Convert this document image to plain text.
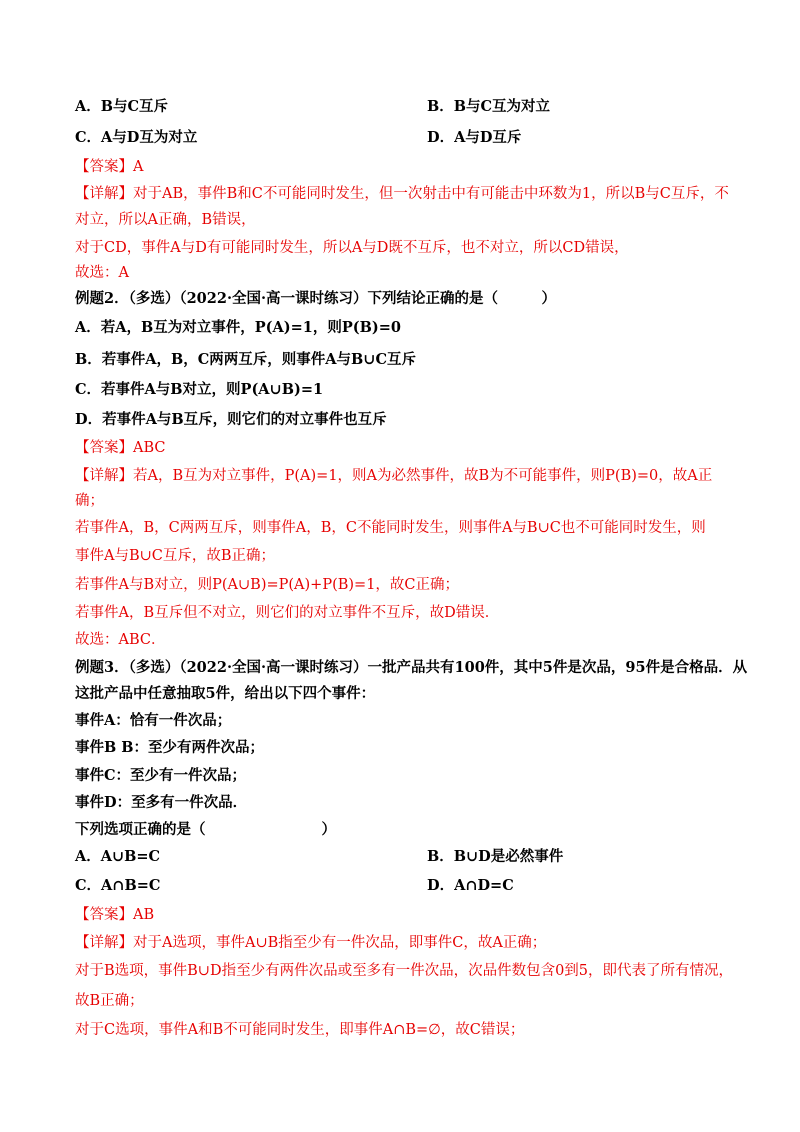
A．B与C互斥	B．B与C互为对立
C．A与D互为对立	D．A与D互斥
【答案】A
【详解】对于AB，事件B和C不可能同时发生，但一次射击中有可能击中环数为1，所以B与C互斥，不
对立，所以A正确，B错误，
对于CD，事件A与D有可能同时发生，所以A与D既不互斥，也不对立，所以CD错误，
故选：A
例题2．（多选）（2022·全国·高一课时练习）下列结论正确的是（　　　）
A．若A，B互为对立事件，P(A)=1，则P(B)=0
B．若事件A，B，C两两互斥，则事件A与B∪C互斥
C．若事件A与B对立，则P(A∪B)=1
D．若事件A与B互斥，则它们的对立事件也互斥
【答案】ABC
【详解】若A，B互为对立事件，P(A)=1，则A为必然事件，故B为不可能事件，则P(B)=0，故A正
确；
若事件A，B，C两两互斥，则事件A，B，C不能同时发生，则事件A与B∪C也不可能同时发生，则
事件A与B∪C互斥，故B正确；
若事件A与B对立，则P(A∪B)=P(A)+P(B)=1，故C正确；
若事件A，B互斥但不对立，则它们的对立事件不互斥，故D错误．
故选：ABC．
例题3．（多选）（2022·全国·高一课时练习）一批产品共有100件，其中5件是次品，95件是合格品．从
这批产品中任意抽取5件，给出以下四个事件：
事件A：恰有一件次品；
事件B B：至少有两件次品；
事件C：至少有一件次品；
事件D：至多有一件次品．
下列选项正确的是（　　　　　　　　）
A．A∪B=C	B．B∪D是必然事件
C．A∩B=C	D．A∩D=C
【答案】AB
【详解】对于A选项，事件A∪B指至少有一件次品，即事件C，故A正确；
对于B选项，事件B∪D指至少有两件次品或至多有一件次品，次品件数包含0到5，即代表了所有情况，
故B正确；
对于C选项，事件A和B不可能同时发生，即事件A∩B=∅，故C错误；
